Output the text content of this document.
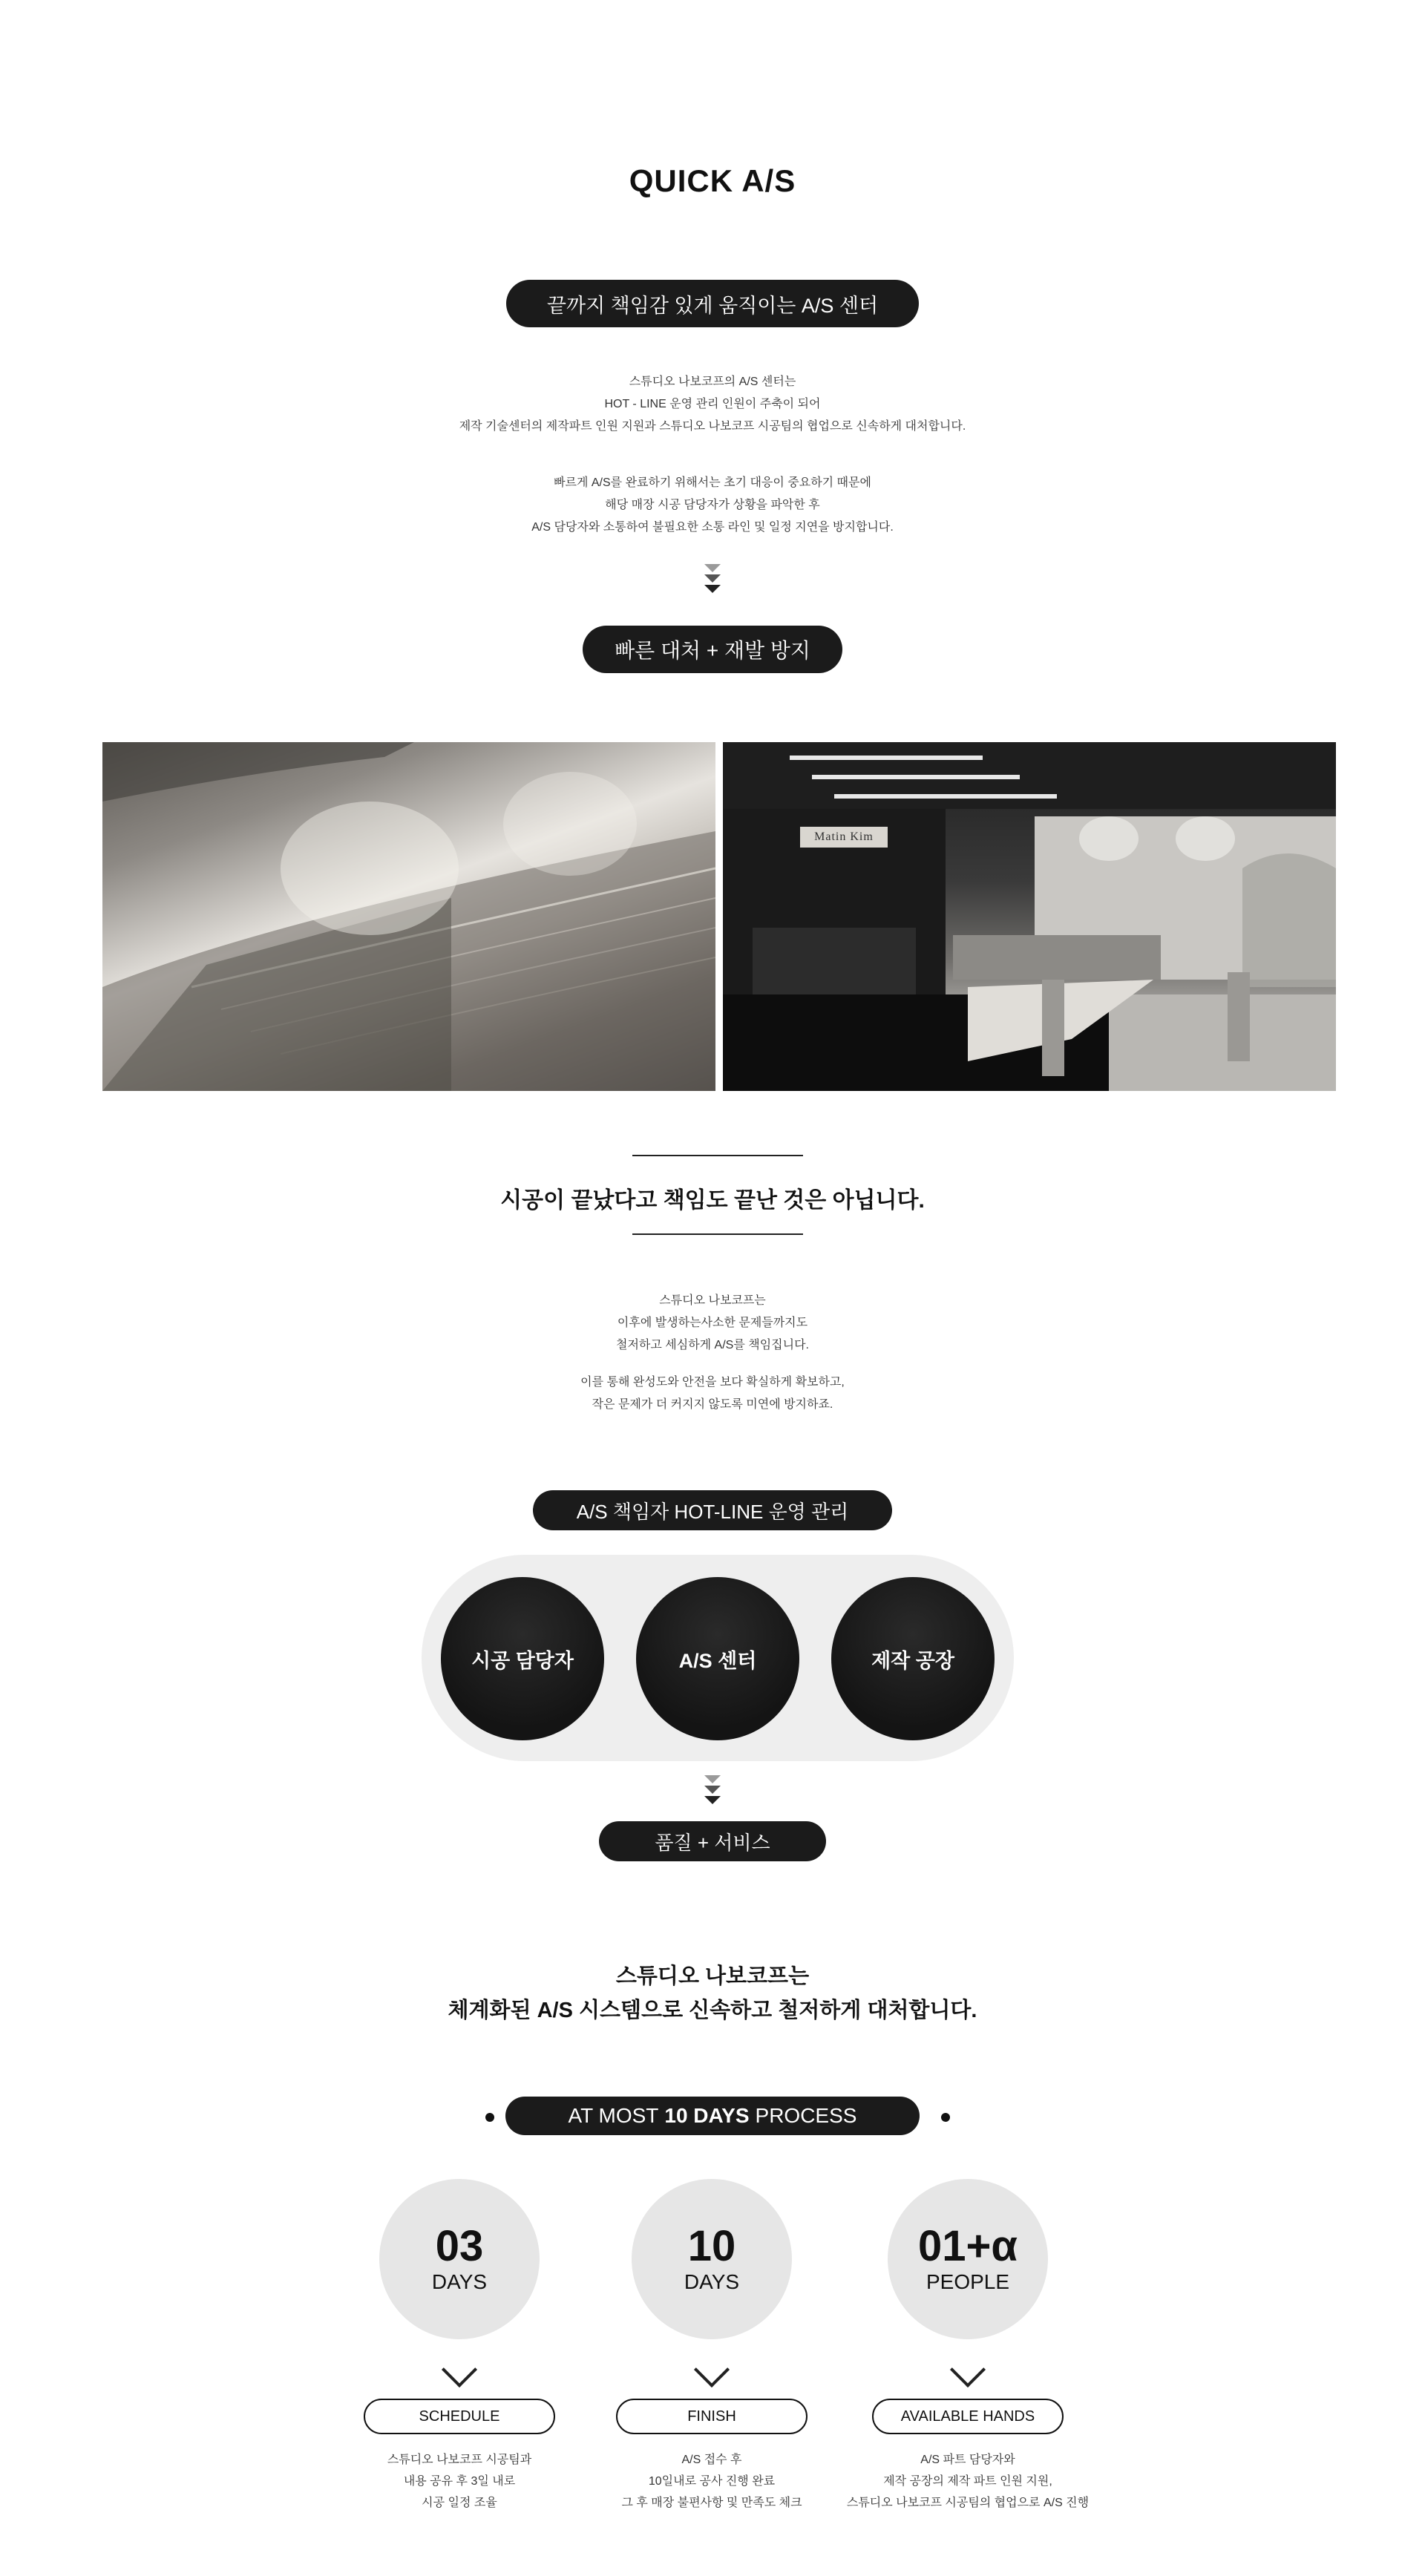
QUICK A/S
끝까지 책임감 있게 움직이는 A/S 센터

스튜디오 나보코프의 A/S 센터는

HOT - LINE 운영 관리 인원이 주축이 되어

제작 기술센터의 제작파트 인원 지원과 스튜디오 나보코프 시공팀의 협업으로 신속하게 대처합니다.

빠르게 A/S를 완료하기 위해서는 초기 대응이 중요하기 때문에

해당 매장 시공 담당자가 상황을 파악한 후

A/S 담당자와 소통하여 불필요한 소통 라인 및 일정 지연을 방지합니다.

빠른 대처 + 재발 방지
Matin Kim
시공이 끝났다고 책임도 끝난 것은 아닙니다.

스튜디오 나보코프는

이후에 발생하는사소한 문제들까지도

철저하고 세심하게 A/S를 책임집니다.

이를 통해 완성도와 안전을 보다 확실하게 확보하고,

작은 문제가 더 커지지 않도록 미연에 방지하죠.

A/S 책임자 HOT-LINE 운영 관리
시공 담당자	A/S 센터	제작 공장
품질 + 서비스

스튜디오 나보코프는

체계화된 A/S 시스템으로 신속하고 철저하게 대처합니다.

AT MOST 10 DAYS PROCESS
03
DAYS
10
DAYS
01+α
PEOPLE
SCHEDULE	FINISH	AVAILABLE HANDS

스튜디오 나보코프 시공팀과

내용 공유 후 3일 내로

시공 일정 조율

A/S 접수 후

10일내로 공사 진행 완료

그 후 매장 불편사항 및 만족도 체크

A/S 파트 담당자와

제작 공장의 제작 파트 인원 지원,

스튜디오 나보코프 시공팀의 협업으로 A/S 진행
